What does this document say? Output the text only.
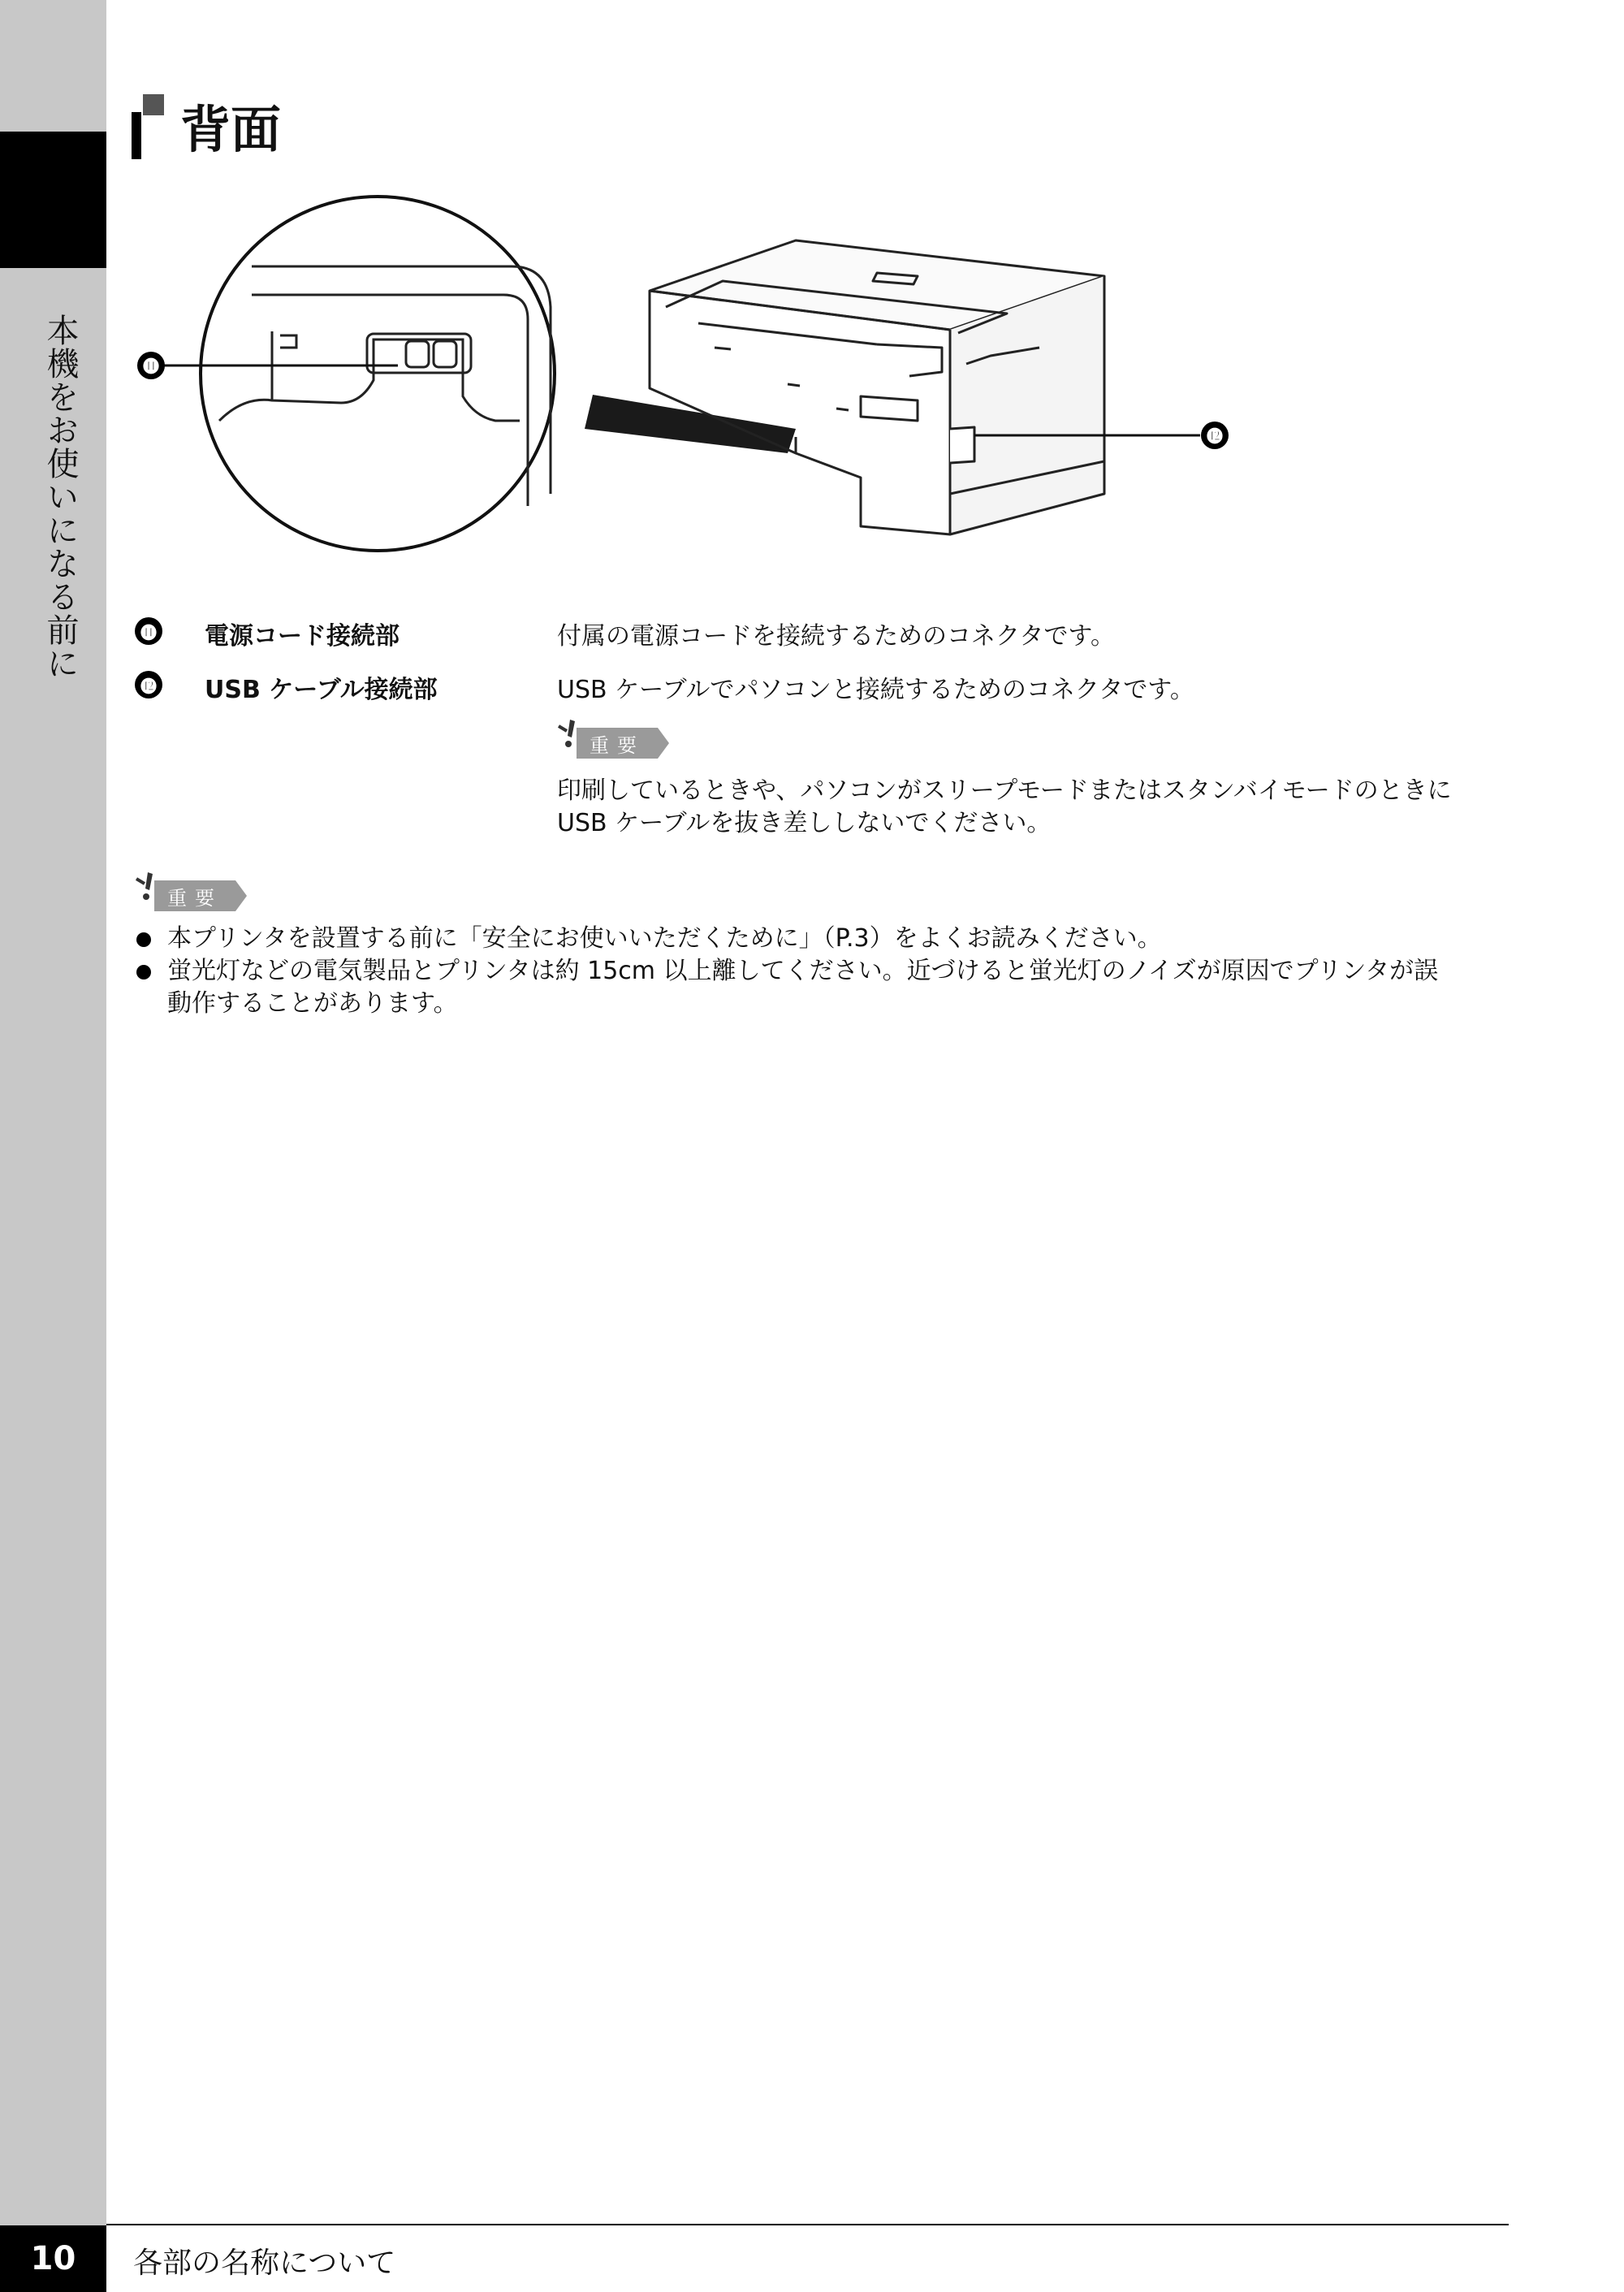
本機をお使いになる前に
背面
⓫
⓬
⓫ 電源コード接続部	付属の電源コードを接続するためのコネクタです。
⓬ USB ケーブル接続部	USB ケーブルでパソコンと接続するためのコネクタです。
重要
印刷しているときや、パソコンがスリープモードまたはスタンバイモードのときに
USB ケーブルを抜き差ししないでください。
重要
本プリンタを設置する前に「安全にお使いいただくために」（P.3）をよくお読みください。
蛍光灯などの電気製品とプリンタは約 15cm 以上離してください。近づけると蛍光灯のノイズが原因でプリンタが誤
動作することがあります。
10	各部の名称について
